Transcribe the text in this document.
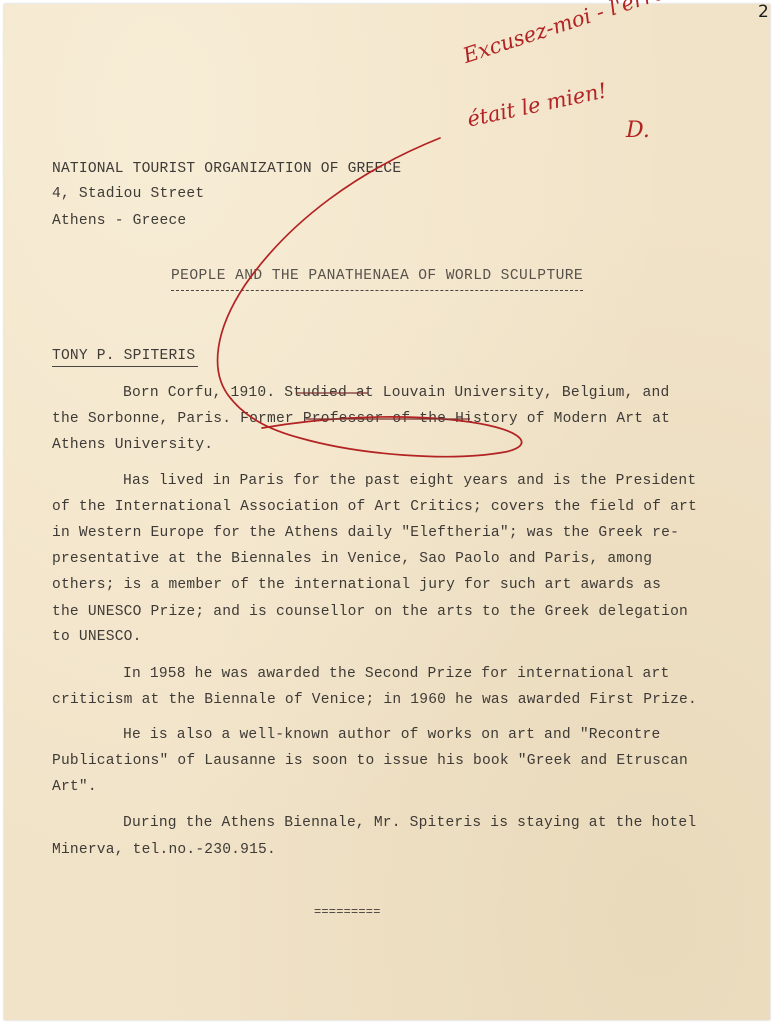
2
NATIONAL TOURIST ORGANIZATION OF GREECE
4, Stadiou Street
Athens - Greece
PEOPLE AND THE PANATHENAEA OF WORLD SCULPTURE
TONY P. SPITERIS
Born Corfu, 1910. Studied at Louvain University, Belgium, and
the Sorbonne, Paris. Former Professor of the History of Modern Art at
Athens University.
Has lived in Paris for the past eight years and is the President
of the International Association of Art Critics; covers the field of art
in Western Europe for the Athens daily "Eleftheria"; was the Greek re-
presentative at the Biennales in Venice, Sao Paolo and Paris, among
others; is a member of the international jury for such art awards as
the UNESCO Prize; and is counsellor on the arts to the Greek delegation
to UNESCO.
In 1958 he was awarded the Second Prize for international art
criticism at the Biennale of Venice; in 1960 he was awarded First Prize.
He is also a well-known author of works on art and "Recontre
Publications" of Lausanne is soon to issue his book "Greek and Etruscan
Art".
During the Athens Biennale, Mr. Spiteris is staying at the hotel
Minerva, tel.no.-230.915.
=========
était le mien! D.
